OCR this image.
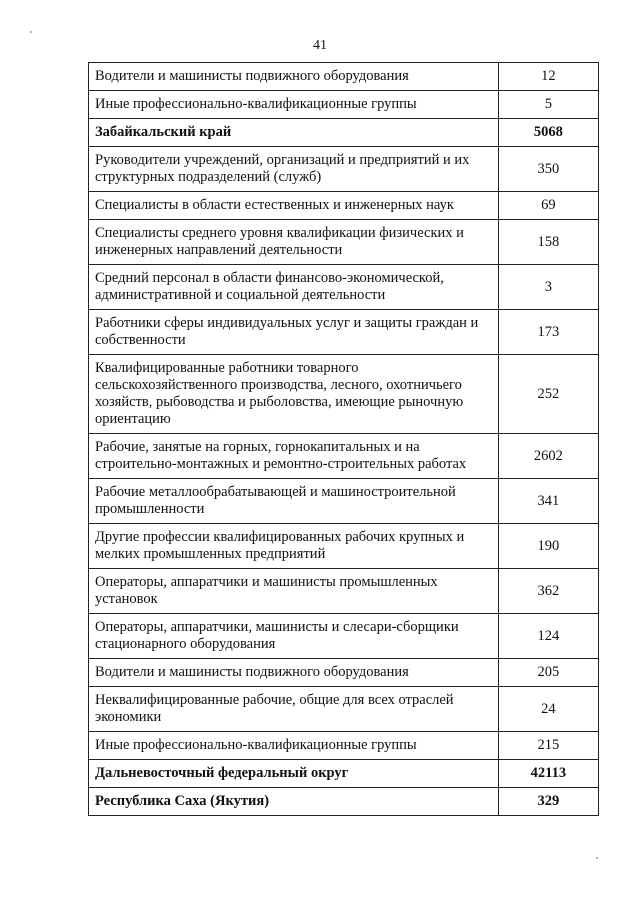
41
Водители и машинисты подвижного оборудования	12
Иные профессионально-квалификационные группы	5
Забайкальский край	5068
Руководители учреждений, организаций и предприятий и их структурных подразделений (служб)	350
Специалисты в области естественных и инженерных наук	69
Специалисты среднего уровня квалификации физических и инженерных направлений деятельности	158
Средний персонал в области финансово-экономической, административной и социальной деятельности	3
Работники сферы индивидуальных услуг и защиты граждан и собственности	173
Квалифицированные работники товарного сельскохозяйственного производства, лесного, охотничьего хозяйств, рыбоводства и рыболовства, имеющие рыночную ориентацию	252
Рабочие, занятые на горных, горнокапитальных и на строительно-монтажных и ремонтно-строительных работах	2602
Рабочие металлообрабатывающей и машиностроительной промышленности	341
Другие профессии квалифицированных рабочих крупных и мелких промышленных предприятий	190
Операторы, аппаратчики и машинисты промышленных установок	362
Операторы, аппаратчики, машинисты и слесари-сборщики стационарного оборудования	124
Водители и машинисты подвижного оборудования	205
Неквалифицированные рабочие, общие для всех отраслей экономики	24
Иные профессионально-квалификационные группы	215
Дальневосточный федеральный округ	42113
Республика Саха (Якутия)	329
